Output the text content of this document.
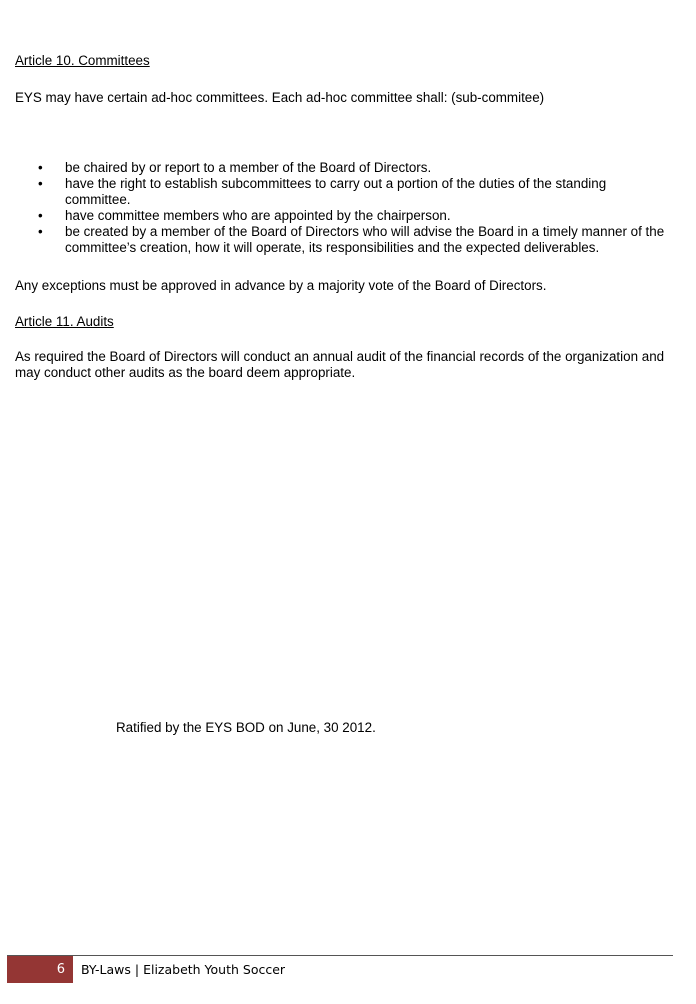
Article 10. Committees

EYS may have certain ad-hoc committees. Each ad-hoc committee shall: (sub-commitee)

• be chaired by or report to a member of the Board of Directors.
• have the right to establish subcommittees to carry out a portion of the duties of the standing committee.
• have committee members who are appointed by the chairperson.
• be created by a member of the Board of Directors who will advise the Board in a timely manner of the committee’s creation, how it will operate, its responsibilities and the expected deliverables.

Any exceptions must be approved in advance by a majority vote of the Board of Directors.

Article 11. Audits

As required the Board of Directors will conduct an annual audit of the financial records of the organization and may conduct other audits as the board deem appropriate.

Ratified by the EYS BOD on June, 30 2012.

6	BY-Laws | Elizabeth Youth Soccer
